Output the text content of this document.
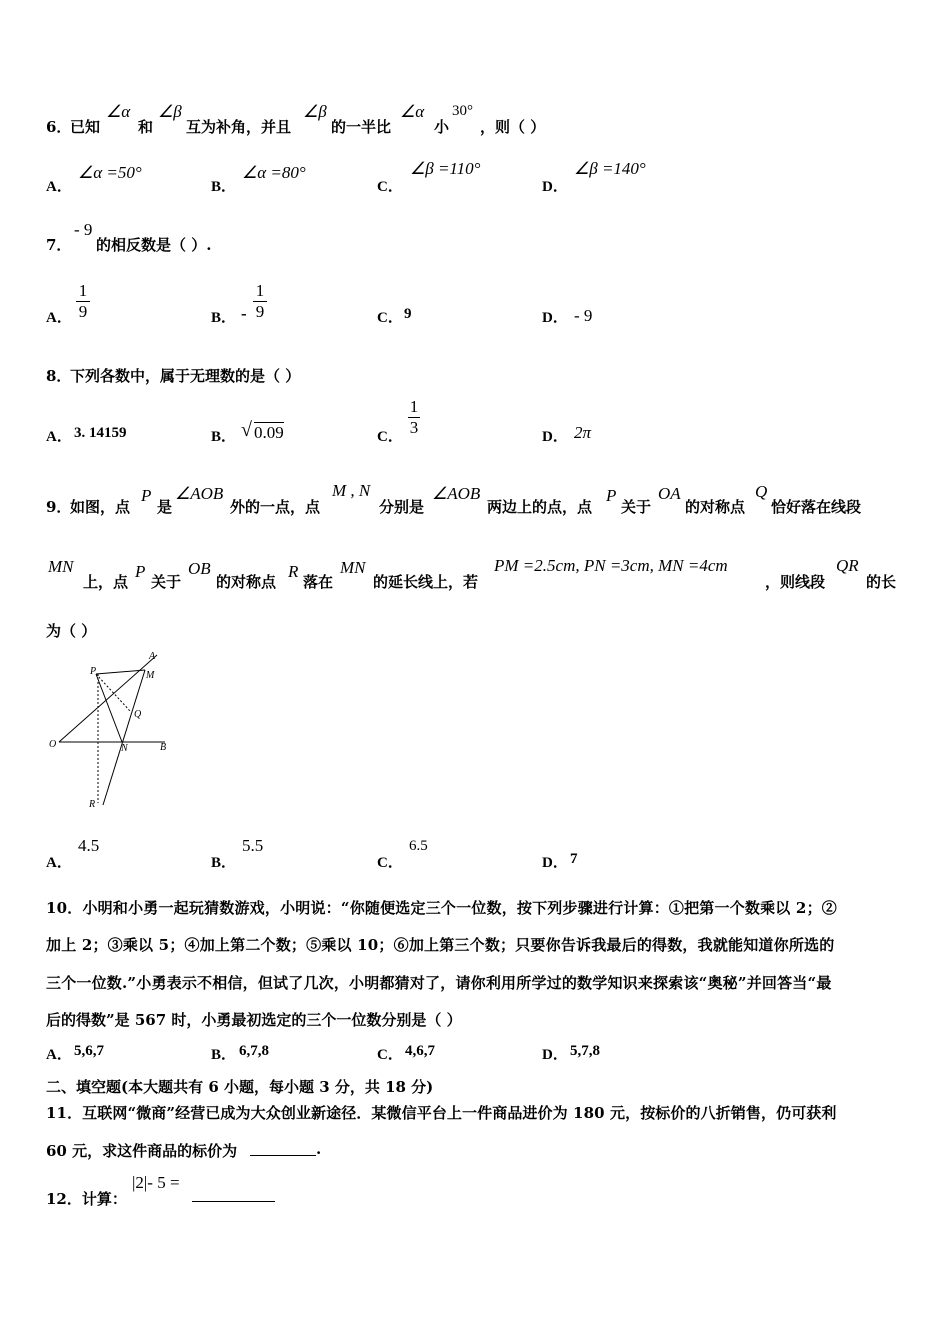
6．
已知
∠α
和
∠β
互为补角，并且
∠β
的一半比
∠α
小
30°
，则（ ）
A．
∠α =50°
B．
∠α =80°
C．
∠β =110°
D．
∠β =140°
7．
- 9
的相反数是（ ）.
A．
1
9	B． -
1
9	C． 9	D． - 9
8．
下列各数中，属于无理数的是（ ）
A． 3. 14159	B． √ 0.09	C．
1
3	D． 2π
9．
如图，点
P
是
∠AOB
外的一点，点
M , N
分别是
∠AOB
两边上的点，点
P
关于
OA
的对称点
Q
恰好落在线段
MN
上，点
P
关于
OB
的对称点
R
落在
MN
的延长线上，若
PM =2.5cm, PN =3cm, MN =4cm
，则线段
QR
的长
为（ ）
A
M
P
Q
O	N	B
R
A．
4.5
B．
5.5
C．
6.5
D． 7
10．小明和小勇一起玩猜数游戏，小明说：“你随便选定三个一位数，按下列步骤进行计算：①把第一个数乘以 2；②
加上 2；③乘以 5；④加上第二个数；⑤乘以 10；⑥加上第三个数；只要你告诉我最后的得数，我就能知道你所选的
三个一位数.”小勇表示不相信，但试了几次，小明都猜对了，请你利用所学过的数学知识来探索该“奥秘”并回答当“最
后的得数”是 567 时，小勇最初选定的三个一位数分别是（ ）
A． 5,6,7	B． 6,7,8	C． 4,6,7	D． 5,7,8
二、填空题(本大题共有 6 小题，每小题 3 分，共 18 分)
11．互联网“微商”经营已成为大众创业新途径．某微信平台上一件商品进价为 180 元，按标价的八折销售，仍可获利
60 元，求这件商品的标价为	.
12．计算：
|2|- 5 =
